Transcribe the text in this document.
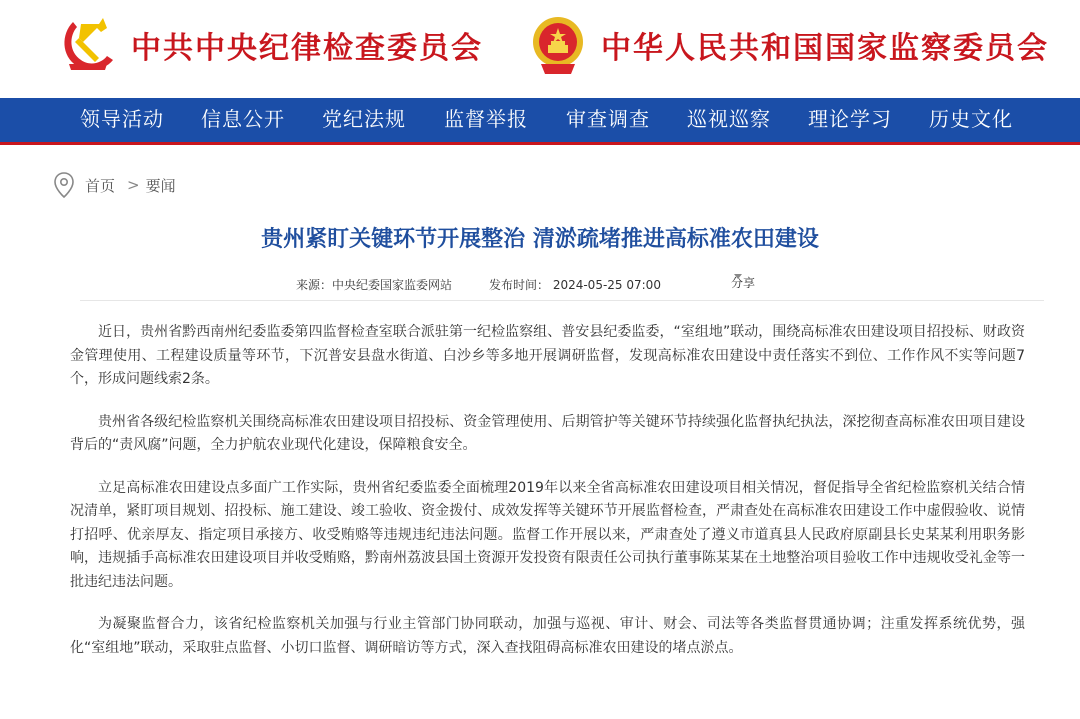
中共中央纪律检查委员会	中华人民共和国国家监察委员会
领导活动 信息公开 党纪法规 监督举报 审查调查 巡视巡察 理论学习 历史文化
首页 > 要闻
贵州紧盯关键环节开展整治 清淤疏堵推进高标准农田建设
来源：中央纪委国家监委网站	发布时间： 2024-05-25 07:00	分享

近日，贵州省黔西南州纪委监委第四监督检查室联合派驻第一纪检监察组、普安县纪委监委，“室组地”联动，围绕高标准农田建设项目招投标、财政资金管理使用、工程建设质量等环节，下沉普安县盘水街道、白沙乡等多地开展调研监督，发现高标准农田建设中责任落实不到位、工作作风不实等问题7个，形成问题线索2条。

贵州省各级纪检监察机关围绕高标准农田建设项目招投标、资金管理使用、后期管护等关键环节持续强化监督执纪执法，深挖彻查高标准农田项目建设背后的“责风腐”问题，全力护航农业现代化建设，保障粮食安全。

立足高标准农田建设点多面广工作实际，贵州省纪委监委全面梳理2019年以来全省高标准农田建设项目相关情况，督促指导全省纪检监察机关结合情况清单，紧盯项目规划、招投标、施工建设、竣工验收、资金拨付、成效发挥等关键环节开展监督检查，严肃查处在高标准农田建设工作中虚假验收、说情打招呼、优亲厚友、指定项目承接方、收受贿赂等违规违纪违法问题。监督工作开展以来，严肃查处了遵义市道真县人民政府原副县长史某某利用职务影响，违规插手高标准农田建设项目并收受贿赂，黔南州荔波县国土资源开发投资有限责任公司执行董事陈某某在土地整治项目验收工作中违规收受礼金等一批违纪违法问题。

为凝聚监督合力，该省纪检监察机关加强与行业主管部门协同联动，加强与巡视、审计、财会、司法等各类监督贯通协调；注重发挥系统优势，强化“室组地”联动，采取驻点监督、小切口监督、调研暗访等方式，深入查找阻碍高标准农田建设的堵点淤点。
